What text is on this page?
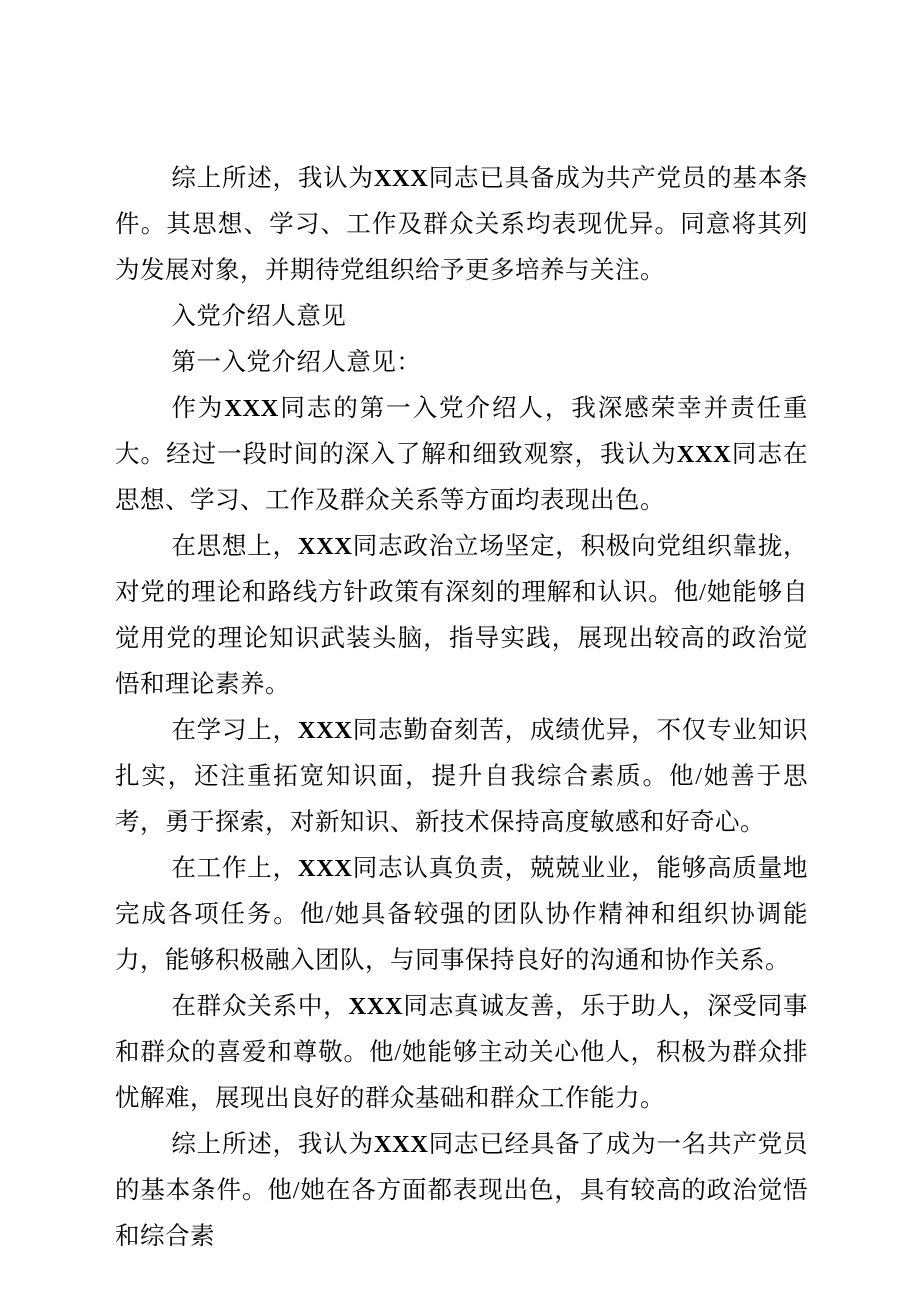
综上所述，我认为XXX同志已具备成为共产党员的基本条件。其思想、学习、工作及群众关系均表现优异。同意将其列为发展对象，并期待党组织给予更多培养与关注。

入党介绍人意见

第一入党介绍人意见：

作为XXX同志的第一入党介绍人，我深感荣幸并责任重大。经过一段时间的深入了解和细致观察，我认为XXX同志在思想、学习、工作及群众关系等方面均表现出色。

在思想上，XXX同志政治立场坚定，积极向党组织靠拢，对党的理论和路线方针政策有深刻的理解和认识。他/她能够自觉用党的理论知识武装头脑，指导实践，展现出较高的政治觉悟和理论素养。

在学习上，XXX同志勤奋刻苦，成绩优异，不仅专业知识扎实，还注重拓宽知识面，提升自我综合素质。他/她善于思考，勇于探索，对新知识、新技术保持高度敏感和好奇心。

在工作上，XXX同志认真负责，兢兢业业，能够高质量地完成各项任务。他/她具备较强的团队协作精神和组织协调能力，能够积极融入团队，与同事保持良好的沟通和协作关系。

在群众关系中，XXX同志真诚友善，乐于助人，深受同事和群众的喜爱和尊敬。他/她能够主动关心他人，积极为群众排忧解难，展现出良好的群众基础和群众工作能力。

综上所述，我认为XXX同志已经具备了成为一名共产党员的基本条件。他/她在各方面都表现出色，具有较高的政治觉悟和综合素
